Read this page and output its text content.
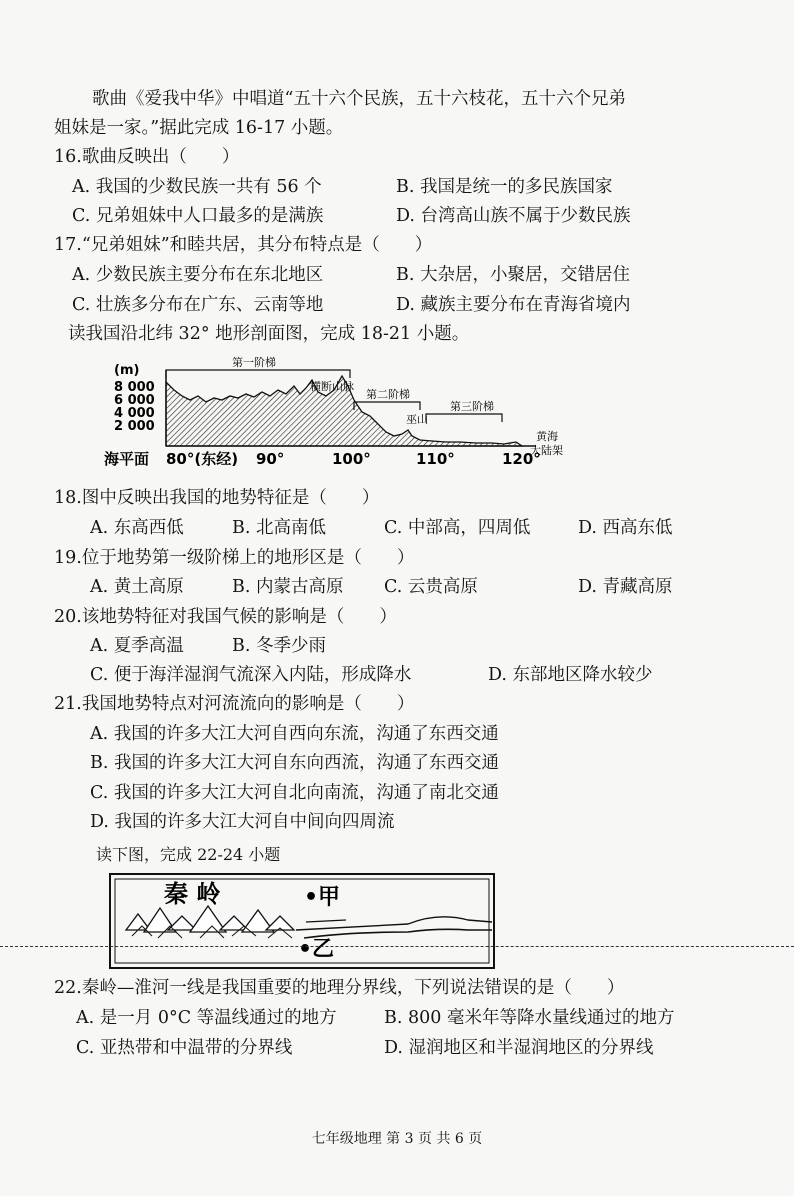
歌曲《爱我中华》中唱道“五十六个民族，五十六枝花，五十六个兄弟
姐妹是一家。”据此完成 16-17 小题。
16.歌曲反映出（　　）
A. 我国的少数民族一共有 56 个	B. 我国是统一的多民族国家
C. 兄弟姐妹中人口最多的是满族	D. 台湾高山族不属于少数民族
17.“兄弟姐妹”和睦共居，其分布特点是（　　）
A. 少数民族主要分布在东北地区	B. 大杂居，小聚居，交错居住
C. 壮族多分布在广东、云南等地	D. 藏族主要分布在青海省境内
读我国沿北纬 32° 地形剖面图，完成 18-21 小题。
(m)
8 000
6 000
4 000
2 000
海平面 80°(东经) 90°	100°	110°	120°
第一阶梯
第二阶梯
第三阶梯
横断山脉
巫山
黄海
大陆架
18.图中反映出我国的地势特征是（　　）
A. 东高西低	B. 北高南低	C. 中部高，四周低	D. 西高东低
19.位于地势第一级阶梯上的地形区是（　　）
A. 黄土高原	B. 内蒙古高原 C. 云贵高原	D. 青藏高原
20.该地势特征对我国气候的影响是（　　）
A. 夏季高温	B. 冬季少雨
C. 便于海洋湿润气流深入内陆，形成降水	D. 东部地区降水较少
21.我国地势特点对河流流向的影响是（　　）
A. 我国的许多大江大河自西向东流，沟通了东西交通
B. 我国的许多大江大河自东向西流，沟通了东西交通
C. 我国的许多大江大河自北向南流，沟通了南北交通
D. 我国的许多大江大河自中间向四周流
读下图，完成 22-24 小题
秦 岭	•甲
•乙
22.秦岭—淮河一线是我国重要的地理分界线，下列说法错误的是（　　）
A. 是一月 0°C 等温线通过的地方	B. 800 毫米年等降水量线通过的地方
C. 亚热带和中温带的分界线	D. 湿润地区和半湿润地区的分界线
七年级地理 第 3 页 共 6 页
